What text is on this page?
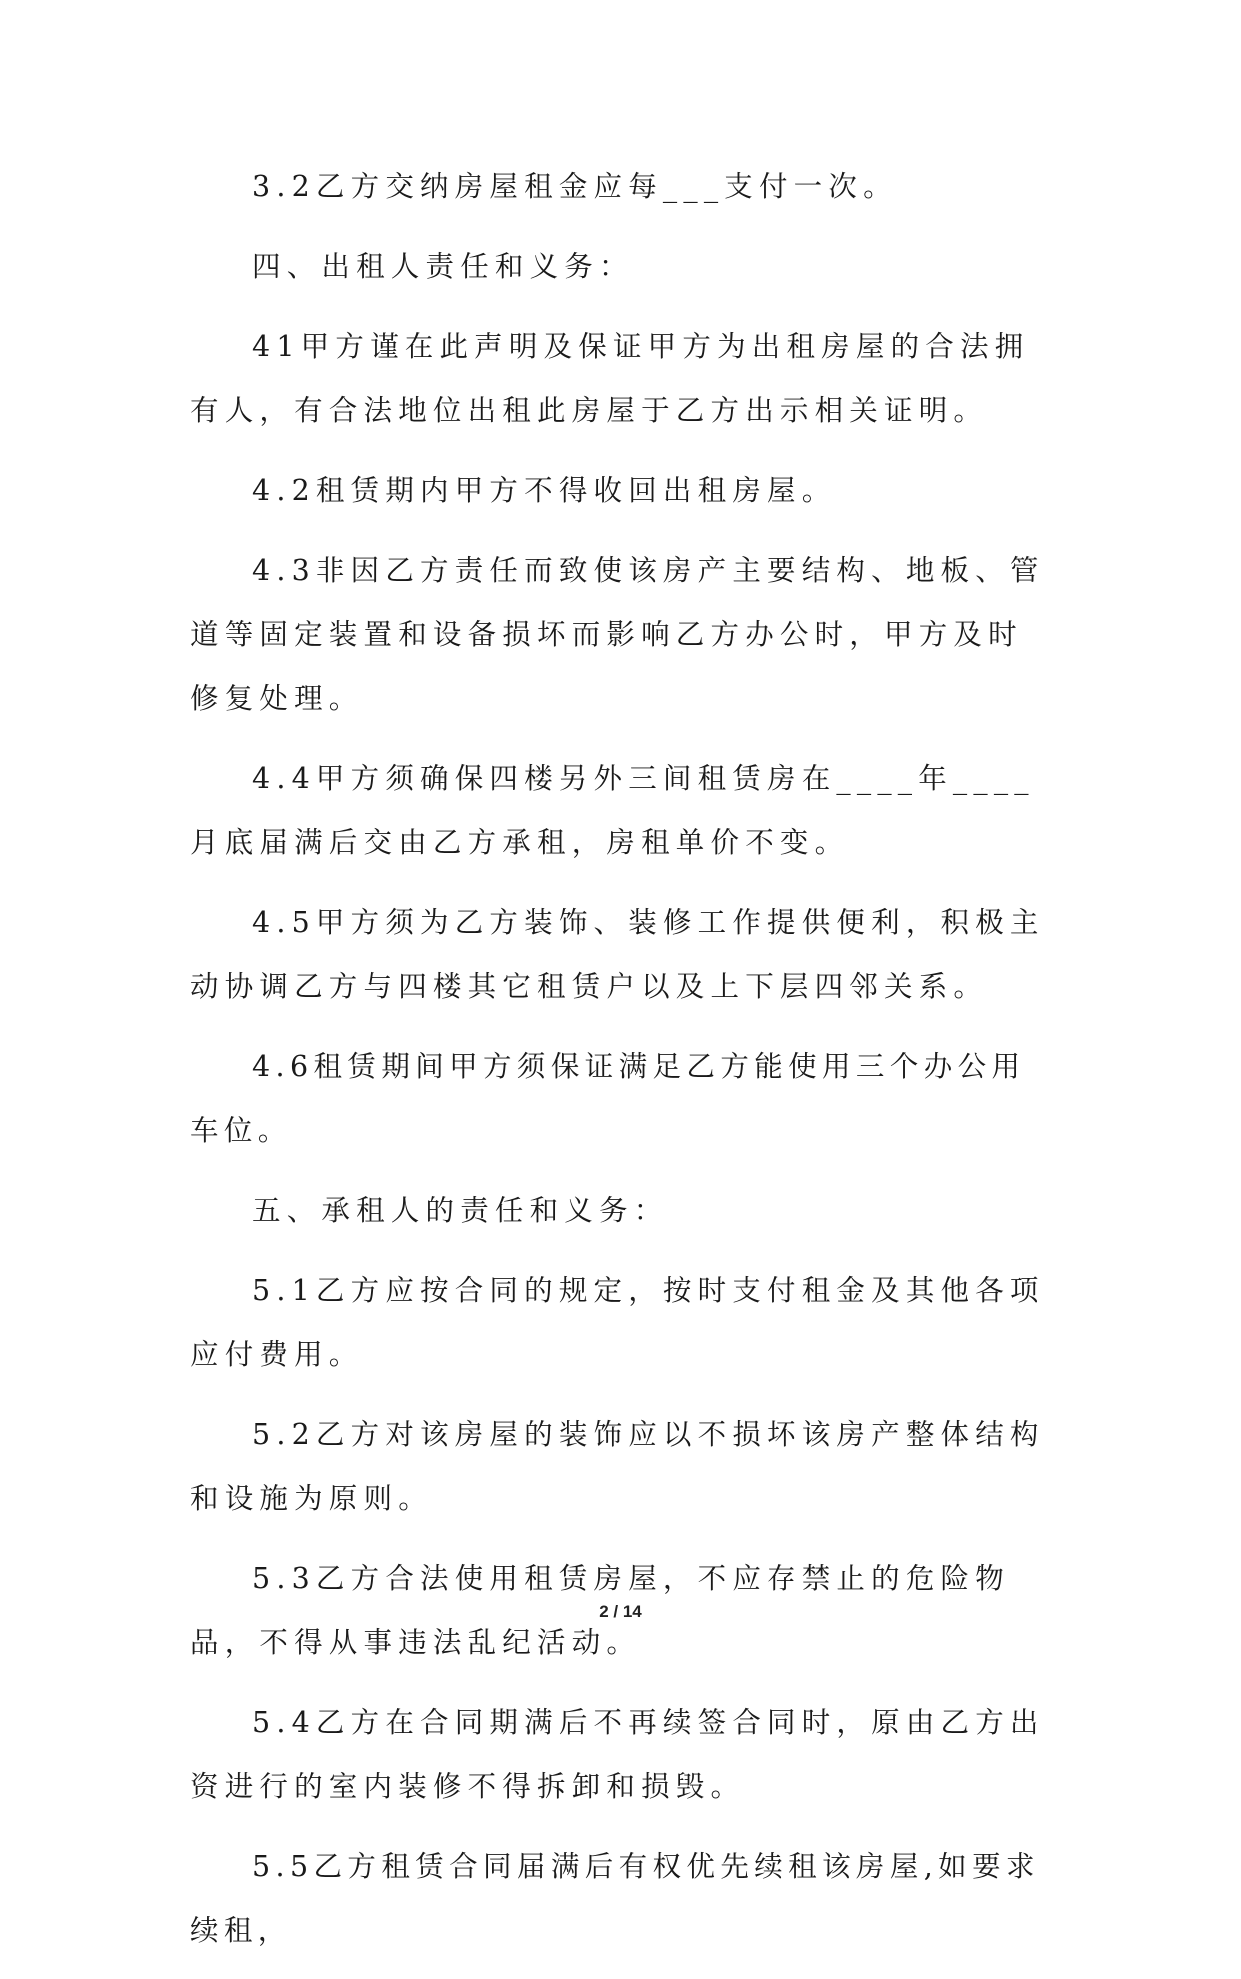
3.2乙方交纳房屋租金应每___支付一次。

四、出租人责任和义务：

41甲方谨在此声明及保证甲方为出租房屋的合法拥有人，有合法地位出租此房屋于乙方出示相关证明。

4.2租赁期内甲方不得收回出租房屋。

4.3非因乙方责任而致使该房产主要结构、地板、管道等固定装置和设备损坏而影响乙方办公时，甲方及时修复处理。

4.4甲方须确保四楼另外三间租赁房在____年____月底届满后交由乙方承租，房租单价不变。

4.5甲方须为乙方装饰、装修工作提供便利，积极主动协调乙方与四楼其它租赁户以及上下层四邻关系。

4.6租赁期间甲方须保证满足乙方能使用三个办公用车位。

五、承租人的责任和义务：

5.1乙方应按合同的规定，按时支付租金及其他各项应付费用。

5.2乙方对该房屋的装饰应以不损坏该房产整体结构和设施为原则。

5.3乙方合法使用租赁房屋，不应存禁止的危险物品，不得从事违法乱纪活动。

5.4乙方在合同期满后不再续签合同时，原由乙方出资进行的室内装修不得拆卸和损毁。

5.5乙方租赁合同届满后有权优先续租该房屋,如要求续租，

2 / 14
